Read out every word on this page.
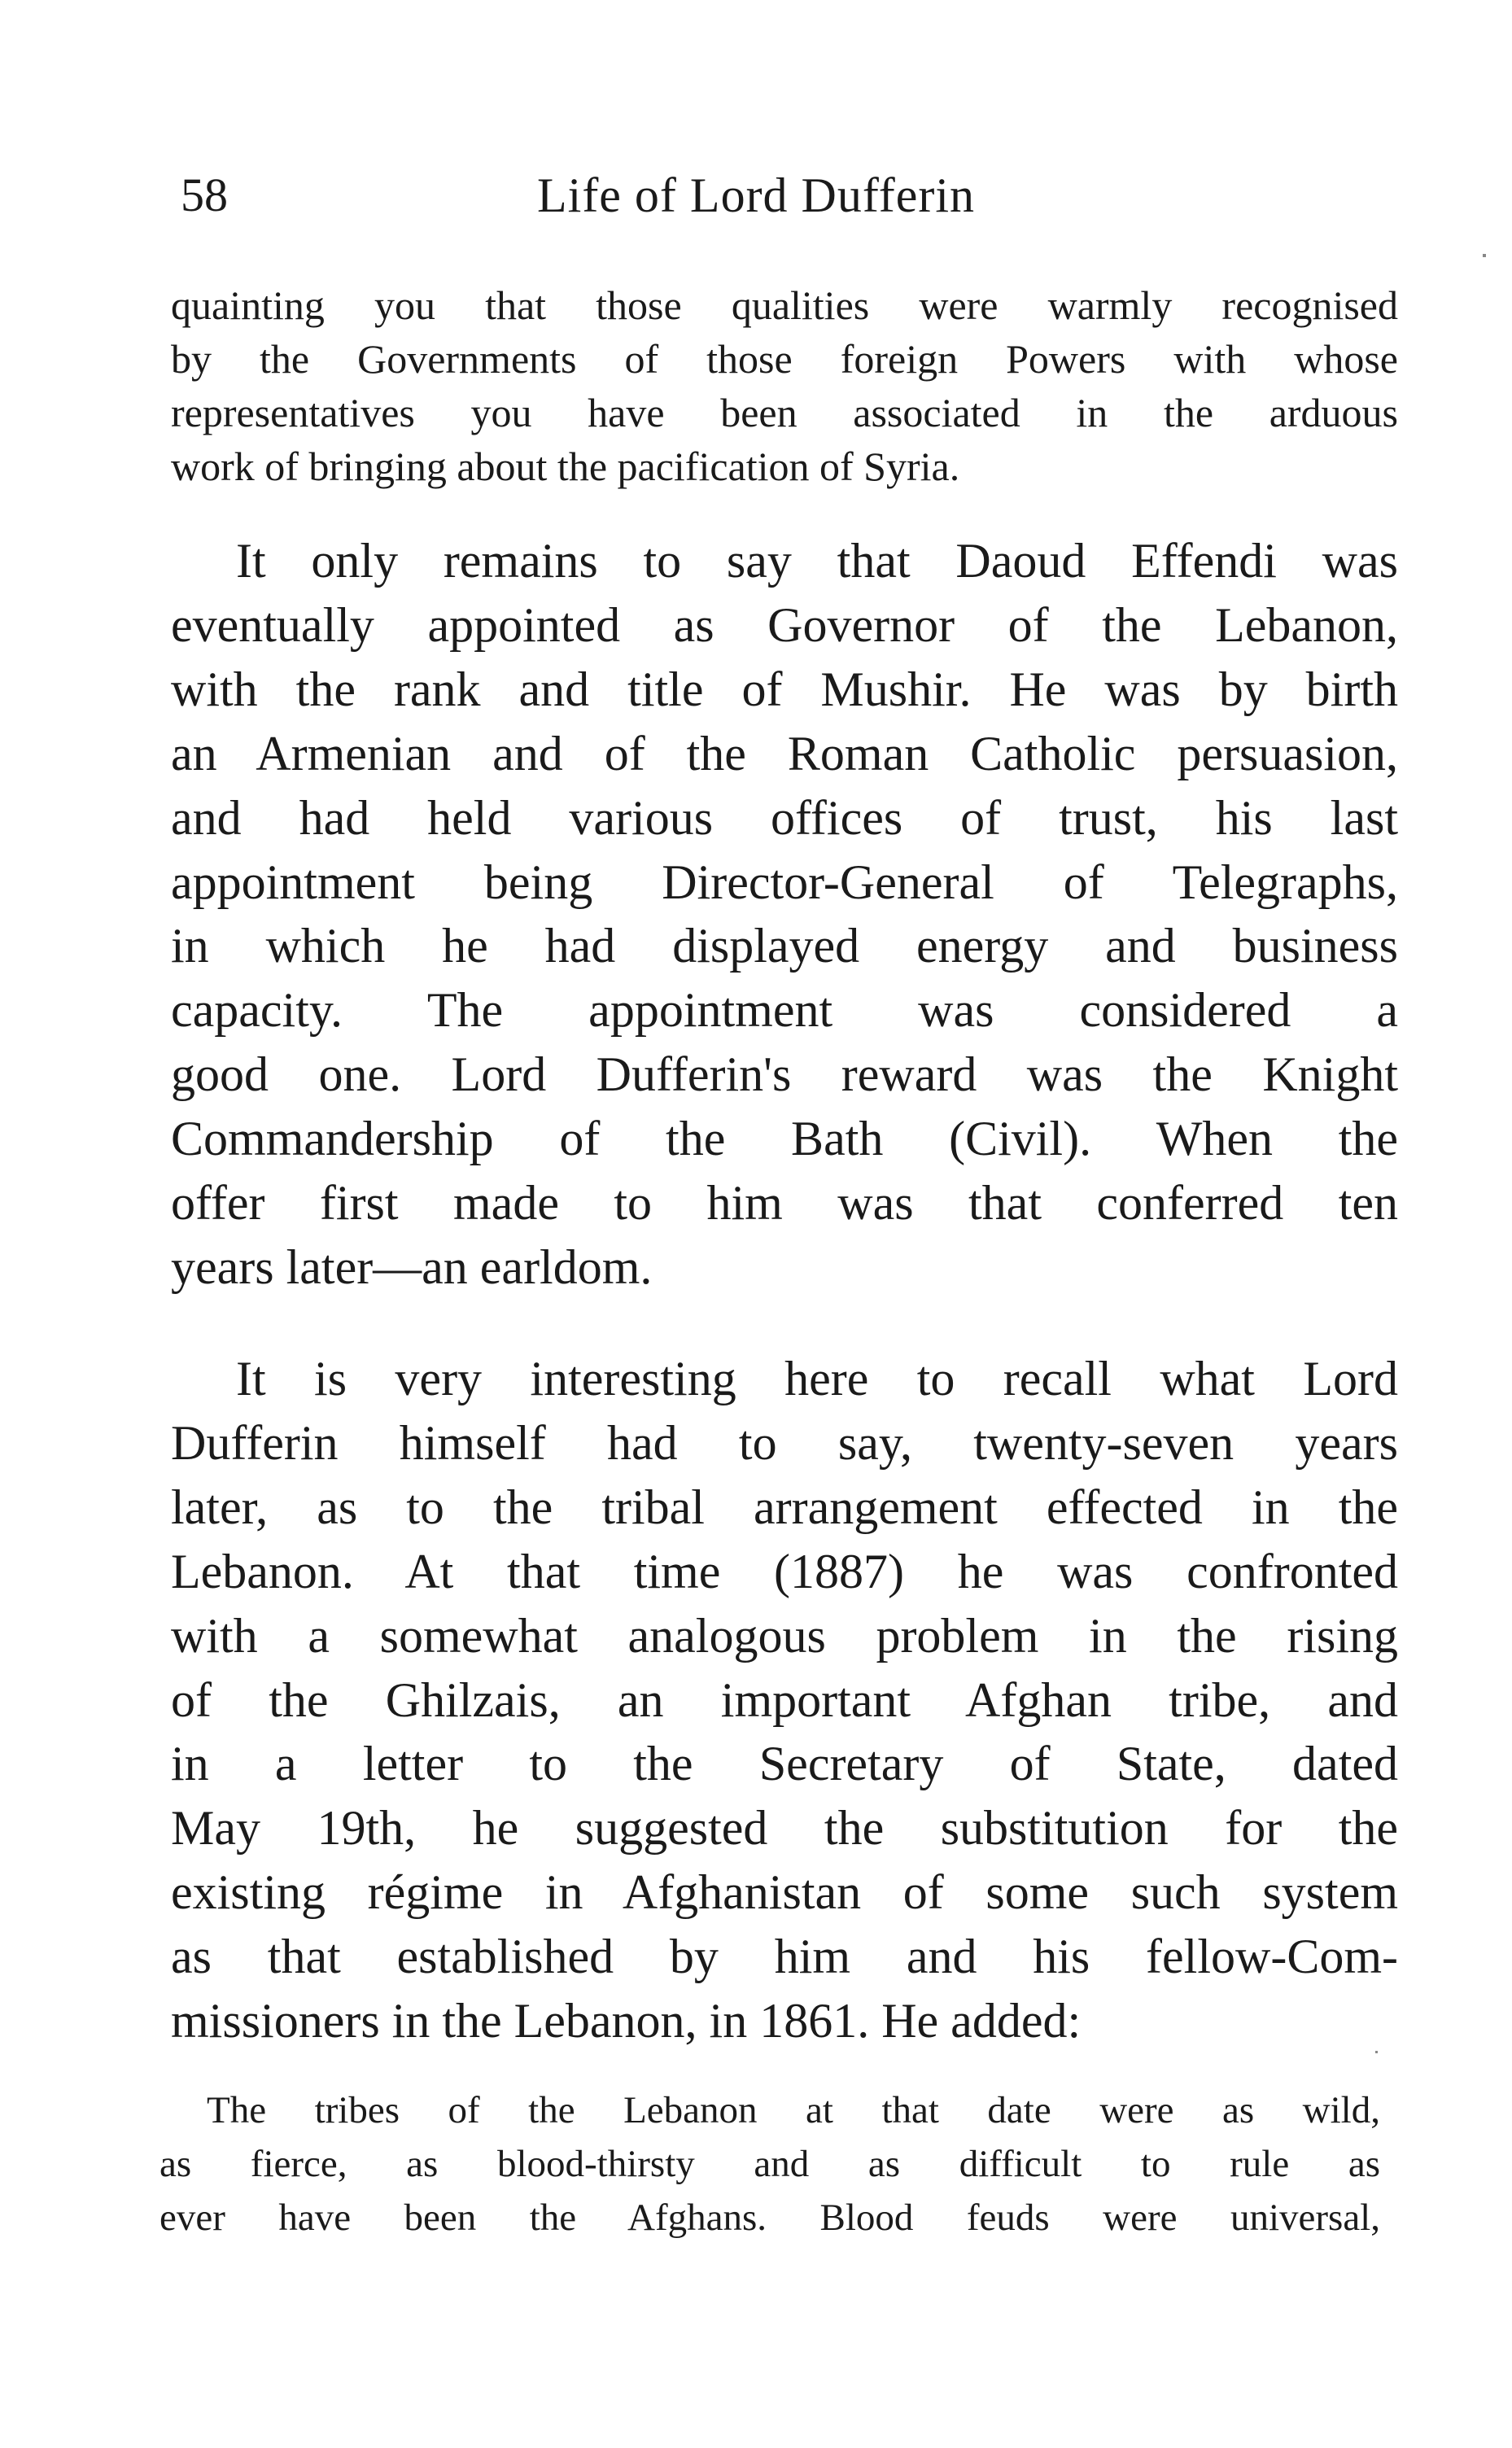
58	Life of Lord Dufferin
quainting you that those qualities were warmly recognised
by the Governments of those foreign Powers with whose
representatives you have been associated in the arduous
work of bringing about the pacification of Syria.
It only remains to say that Daoud Effendi was
eventually appointed as Governor of the Lebanon,
with the rank and title of Mushir. He was by birth
an Armenian and of the Roman Catholic persuasion,
and had held various offices of trust, his last
appointment being Director-General of Telegraphs,
in which he had displayed energy and business
capacity. The appointment was considered a
good one. Lord Dufferin's reward was the Knight
Commandership of the Bath (Civil). When the
offer first made to him was that conferred ten
years later—an earldom.
It is very interesting here to recall what Lord
Dufferin himself had to say, twenty-seven years
later, as to the tribal arrangement effected in the
Lebanon. At that time (1887) he was confronted
with a somewhat analogous problem in the rising
of the Ghilzais, an important Afghan tribe, and
in a letter to the Secretary of State, dated
May 19th, he suggested the substitution for the
existing régime in Afghanistan of some such system
as that established by him and his fellow-Com-
missioners in the Lebanon, in 1861. He added:
The tribes of the Lebanon at that date were as wild,
as fierce, as blood-thirsty and as difficult to rule as
ever have been the Afghans. Blood feuds were universal,
